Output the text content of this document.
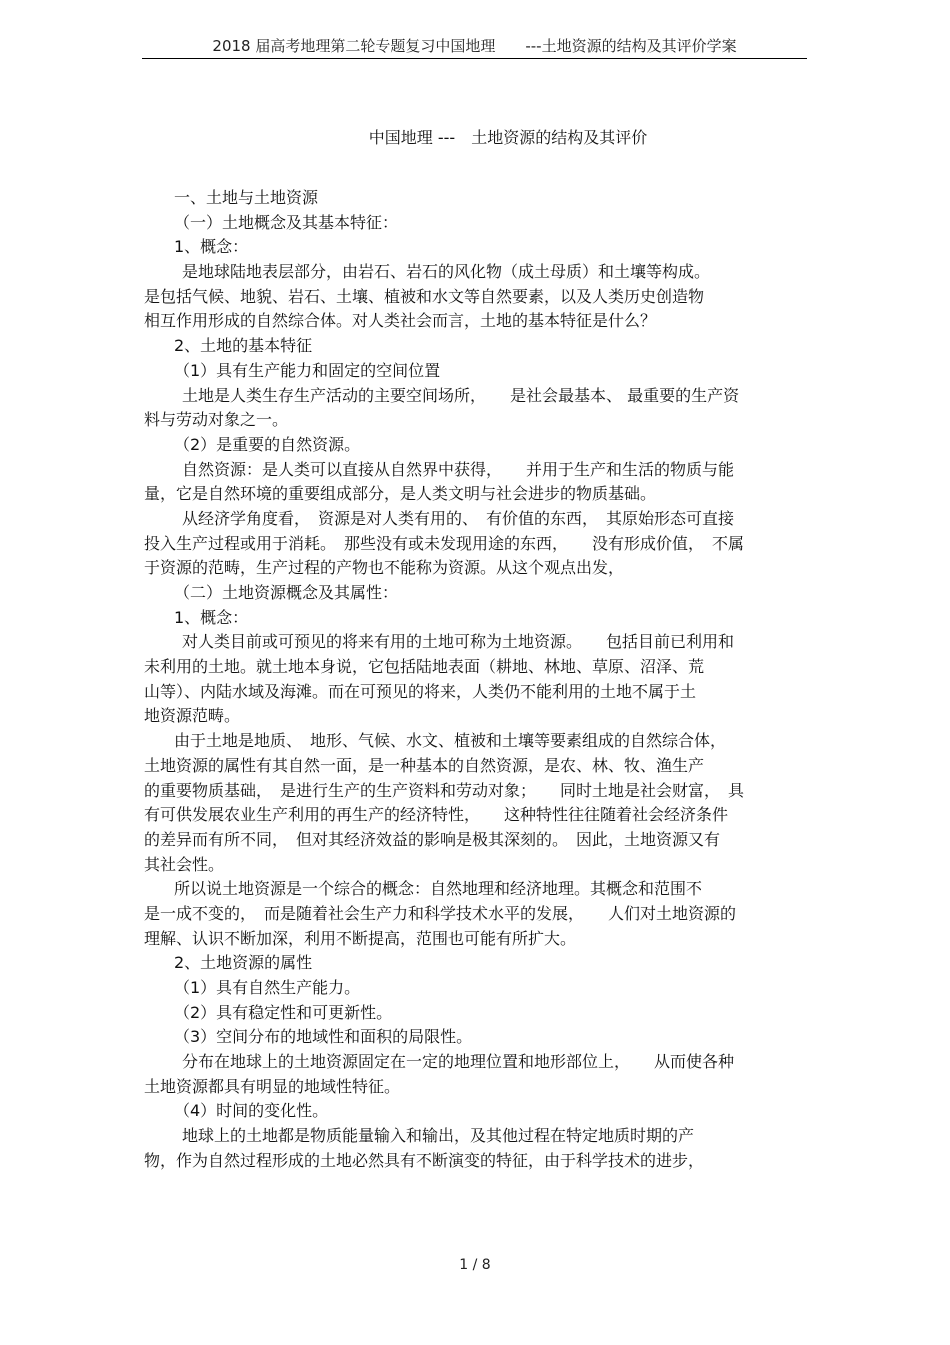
2018 届高考地理第二轮专题复习中国地理　　---土地资源的结构及其评价学案
中国地理 ---　土地资源的结构及其评价
一、土地与土地资源
（一）土地概念及其基本特征：
1、概念：
是地球陆地表层部分，由岩石、岩石的风化物（成土母质）和土壤等构成。
是包括气候、地貌、岩石、土壤、植被和水文等自然要素，以及人类历史创造物
相互作用形成的自然综合体。对人类社会而言，土地的基本特征是什么？
2、土地的基本特征
（1）具有生产能力和固定的空间位置
土地是人类生存生产活动的主要空间场所，　　是社会最基本、 最重要的生产资
料与劳动对象之一。
（2）是重要的自然资源。
自然资源：是人类可以直接从自然界中获得，　　并用于生产和生活的物质与能
量，它是自然环境的重要组成部分，是人类文明与社会进步的物质基础。
从经济学角度看，　资源是对人类有用的、　有价值的东西，　其原始形态可直接
投入生产过程或用于消耗。　那些没有或未发现用途的东西，　　没有形成价值，　不属
于资源的范畴，生产过程的产物也不能称为资源。从这个观点出发，
（二）土地资源概念及其属性：
1、概念：
对人类目前或可预见的将来有用的土地可称为土地资源。　　包括目前已利用和
未利用的土地。就土地本身说，它包括陆地表面（耕地、林地、草原、沼泽、荒
山等）、内陆水域及海滩。而在可预见的将来，人类仍不能利用的土地不属于土
地资源范畴。
由于土地是地质、　地形、气候、水文、植被和土壤等要素组成的自然综合体，
土地资源的属性有其自然一面，是一种基本的自然资源，是农、林、牧、渔生产
的重要物质基础，　是进行生产的生产资料和劳动对象；　　同时土地是社会财富，　具
有可供发展农业生产利用的再生产的经济特性，　　这种特性往往随着社会经济条件
的差异而有所不同，　但对其经济效益的影响是极其深刻的。　因此，土地资源又有
其社会性。
所以说土地资源是一个综合的概念：自然地理和经济地理。其概念和范围不
是一成不变的，　而是随着社会生产力和科学技术水平的发展，　　人们对土地资源的
理解、认识不断加深，利用不断提高，范围也可能有所扩大。
2、土地资源的属性
（1）具有自然生产能力。
（2）具有稳定性和可更新性。
（3）空间分布的地域性和面积的局限性。
分布在地球上的土地资源固定在一定的地理位置和地形部位上，　　从而使各种
土地资源都具有明显的地域性特征。
（4）时间的变化性。
地球上的土地都是物质能量输入和输出，及其他过程在特定地质时期的产
物，作为自然过程形成的土地必然具有不断演变的特征，由于科学技术的进步，
1 / 8
